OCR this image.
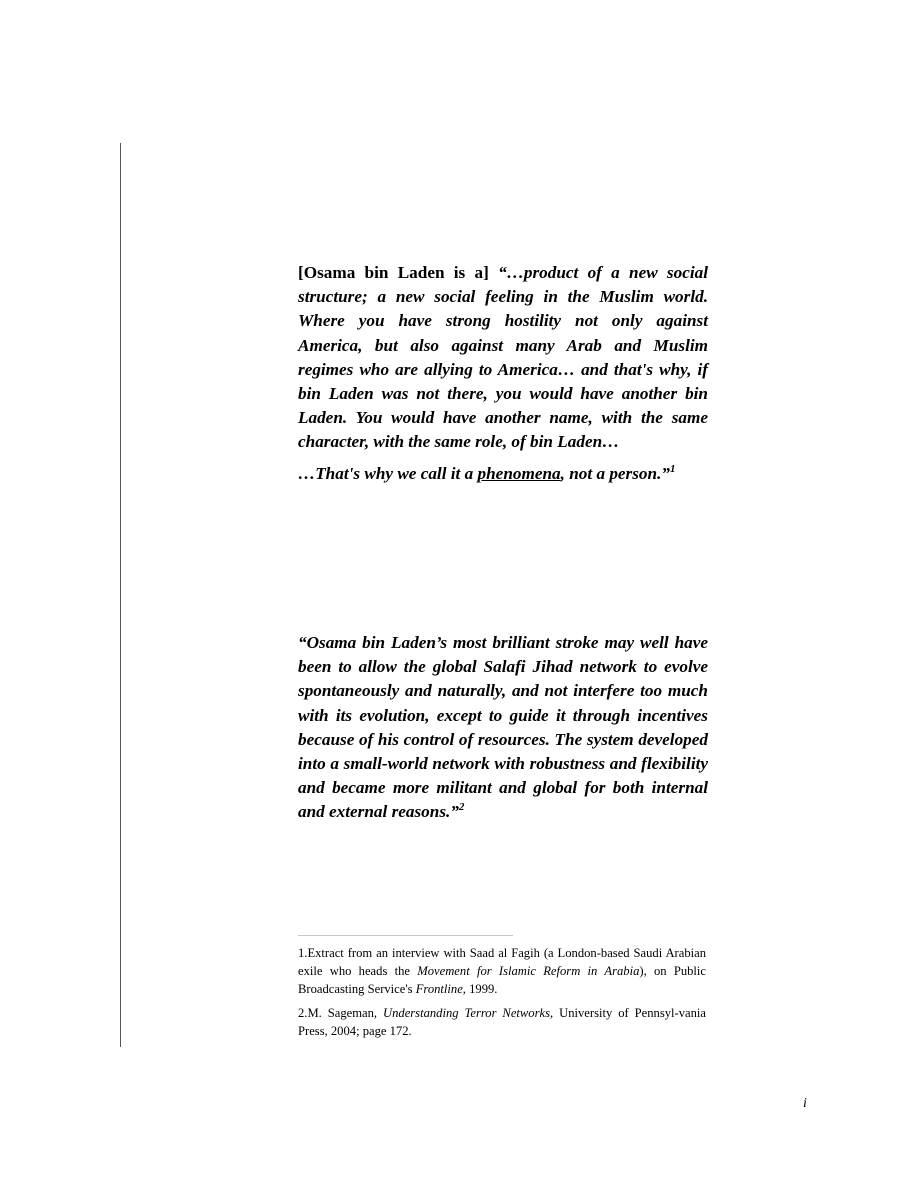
[Osama bin Laden is a] “…product of a new social structure; a new social feeling in the Muslim world. Where you have strong hostility not only against America, but also against many Arab and Muslim regimes who are allying to America… and that's why, if bin Laden was not there, you would have another bin Laden. You would have another name, with the same character, with the same role, of bin Laden…

…That's why we call it a phenomena, not a person.”$^1$

“Osama bin Laden’s most brilliant stroke may well have been to allow the global Salafi Jihad network to evolve spontaneously and naturally, and not interfere too much with its evolution, except to guide it through incentives because of his control of resources. The system developed into a small-world network with robustness and flexibility and became more militant and global for both internal and external reasons.”$^2$

1.Extract from an interview with Saad al Fagih (a London-based Saudi Arabian exile who heads the Movement for Islamic Reform in Arabia), on Public Broadcasting Service's Frontline, 1999.

2.M. Sageman, Understanding Terror Networks, University of Pennsyl-vania Press, 2004; page 172.

i
